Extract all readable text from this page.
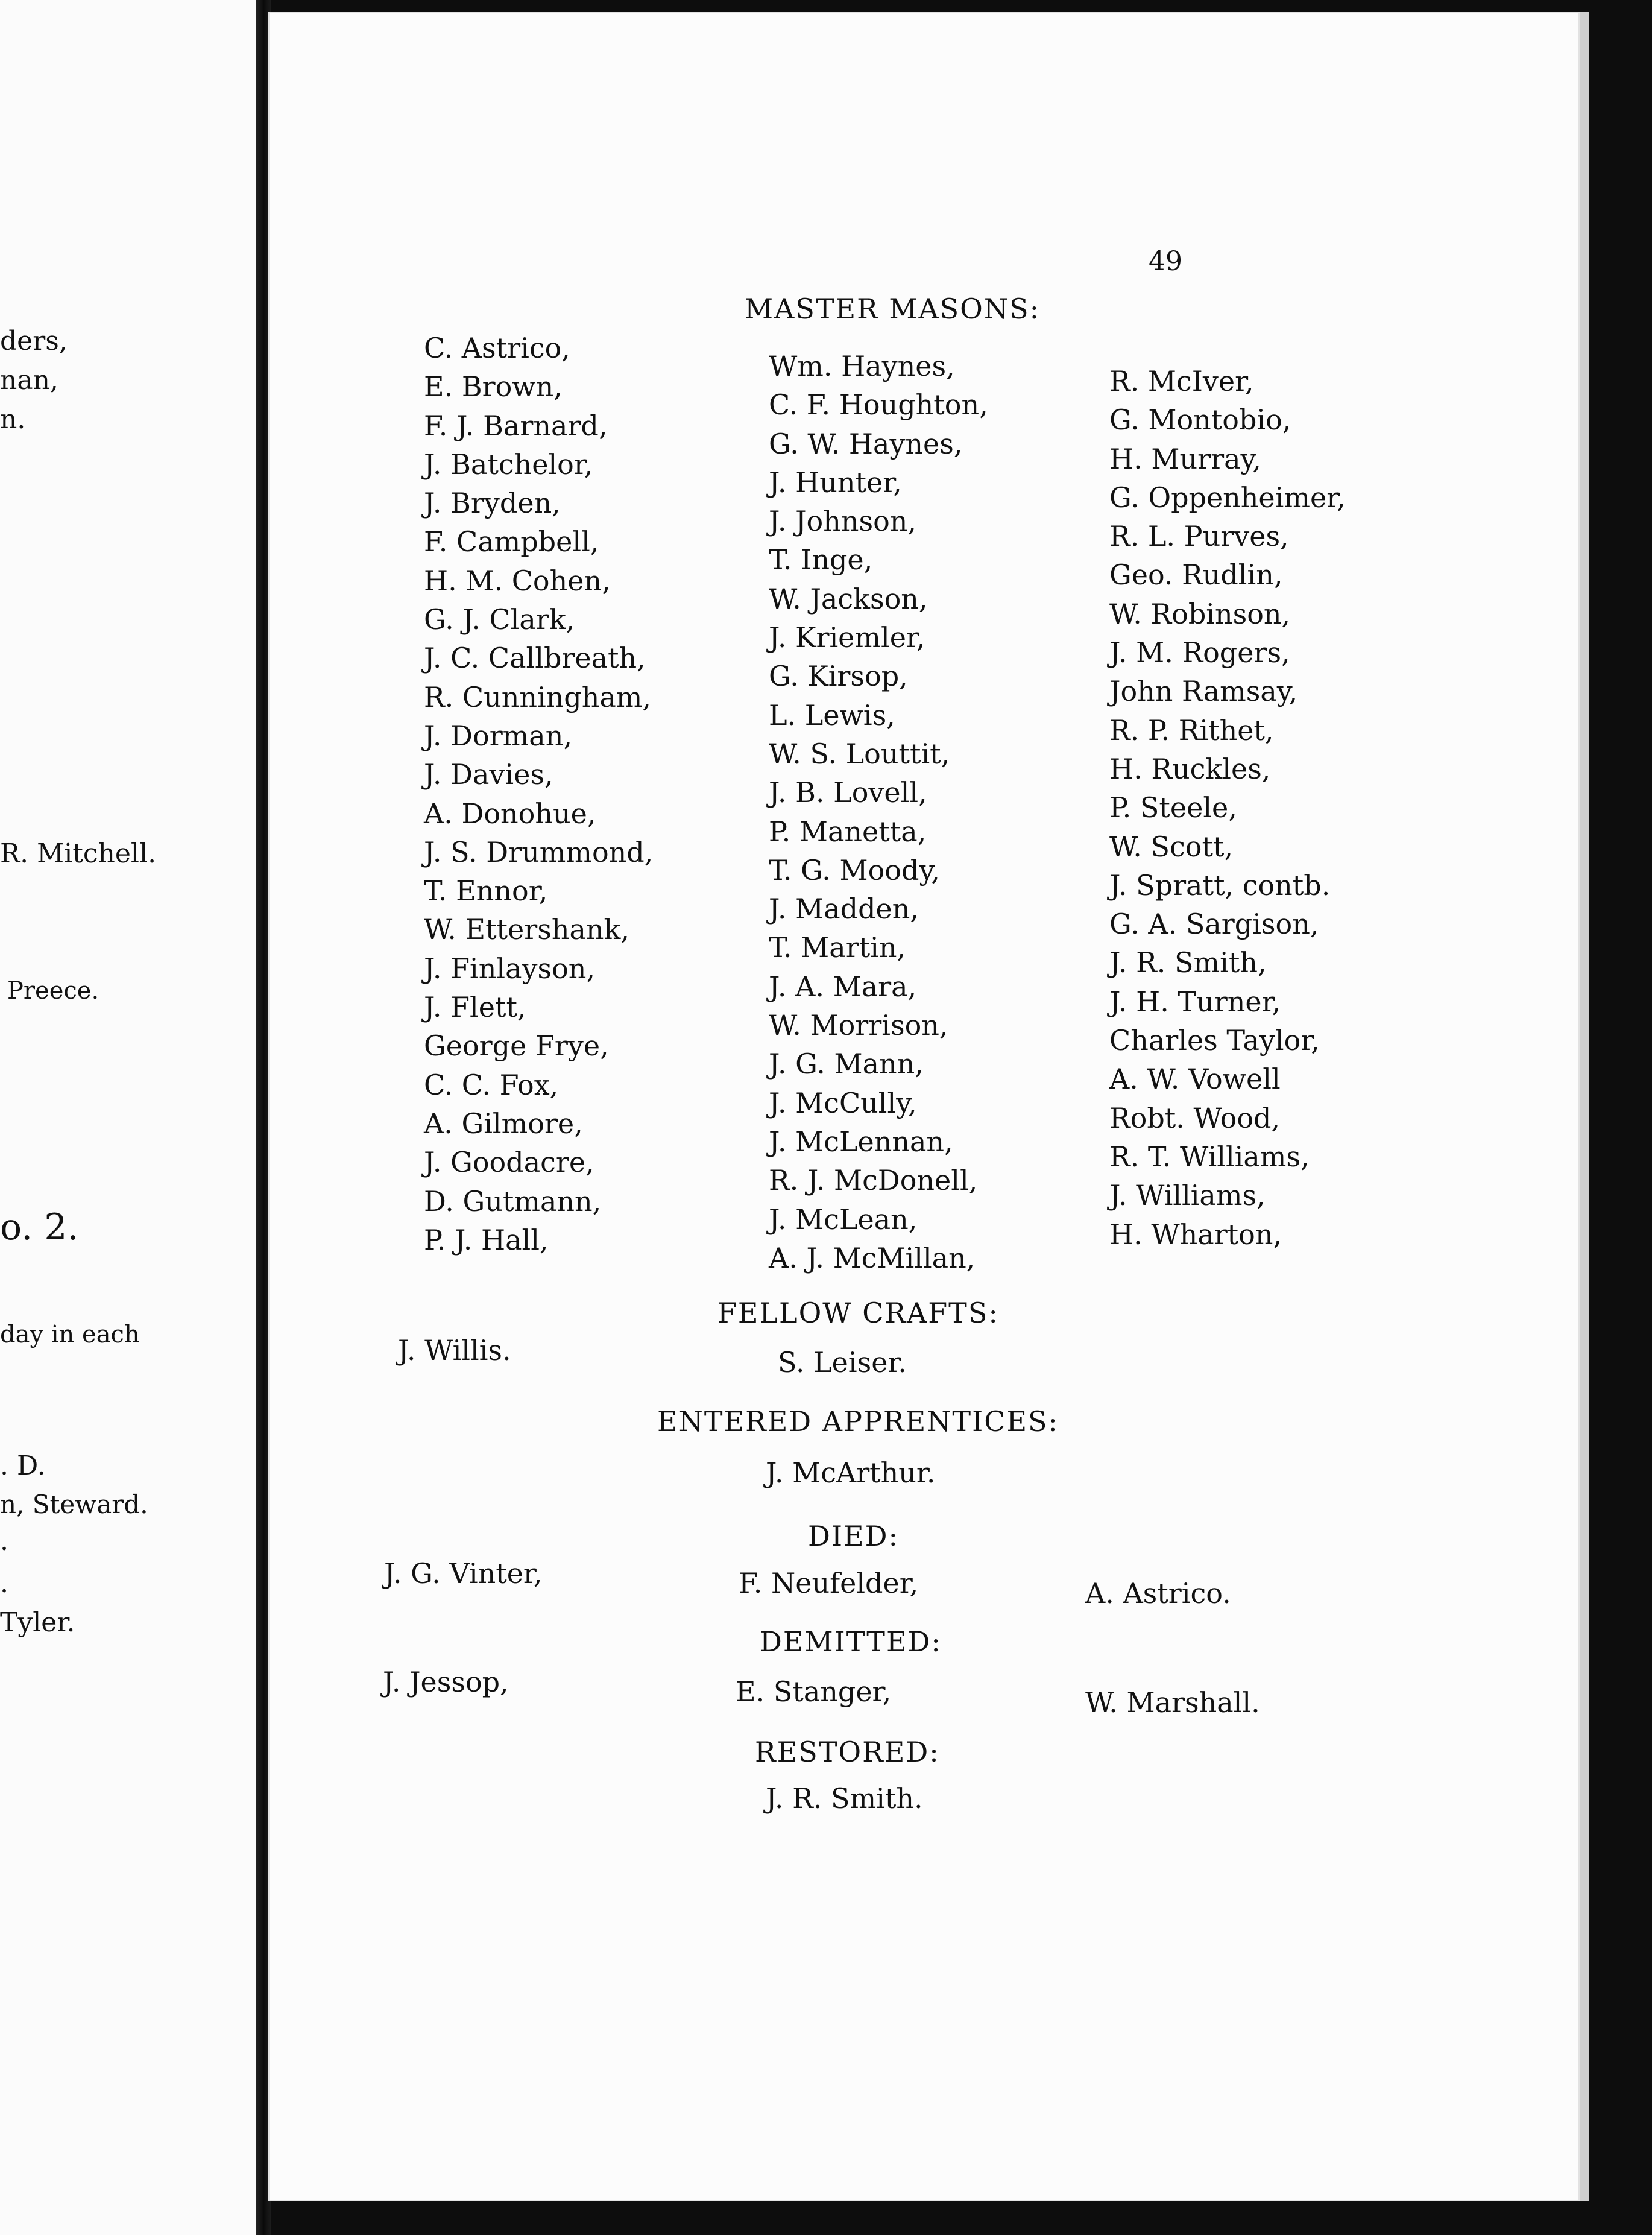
ders,
nan,
n.
R. Mitchell.
Preece.
o. 2.
day in each
. D.
n, Steward.
.
.
Tyler.
49
MASTER MASONS:
C. Astrico,
E. Brown,
F. J. Barnard,
J. Batchelor,
J. Bryden,
F. Campbell,
H. M. Cohen,
G. J. Clark,
J. C. Callbreath,
R. Cunningham,
J. Dorman,
J. Davies,
A. Donohue,
J. S. Drummond,
T. Ennor,
W. Ettershank,
J. Finlayson,
J. Flett,
George Frye,
C. C. Fox,
A. Gilmore,
J. Goodacre,
D. Gutmann,
P. J. Hall,
Wm. Haynes,
C. F. Houghton,
G. W. Haynes,
J. Hunter,
J. Johnson,
T. Inge,
W. Jackson,
J. Kriemler,
G. Kirsop,
L. Lewis,
W. S. Louttit,
J. B. Lovell,
P. Manetta,
T. G. Moody,
J. Madden,
T. Martin,
J. A. Mara,
W. Morrison,
J. G. Mann,
J. McCully,
J. McLennan,
R. J. McDonell,
J. McLean,
A. J. McMillan,
R. McIver,
G. Montobio,
H. Murray,
G. Oppenheimer,
R. L. Purves,
Geo. Rudlin,
W. Robinson,
J. M. Rogers,
John Ramsay,
R. P. Rithet,
H. Ruckles,
P. Steele,
W. Scott,
J. Spratt, contb.
G. A. Sargison,
J. R. Smith,
J. H. Turner,
Charles Taylor,
A. W. Vowell
Robt. Wood,
R. T. Williams,
J. Williams,
H. Wharton,
FELLOW CRAFTS:
J. Willis.	S. Leiser.
ENTERED APPRENTICES:
J. McArthur.
DIED:
J. G. Vinter,	F. Neufelder,	A. Astrico.
DEMITTED:
J. Jessop,	E. Stanger,	W. Marshall.
RESTORED:
J. R. Smith.
